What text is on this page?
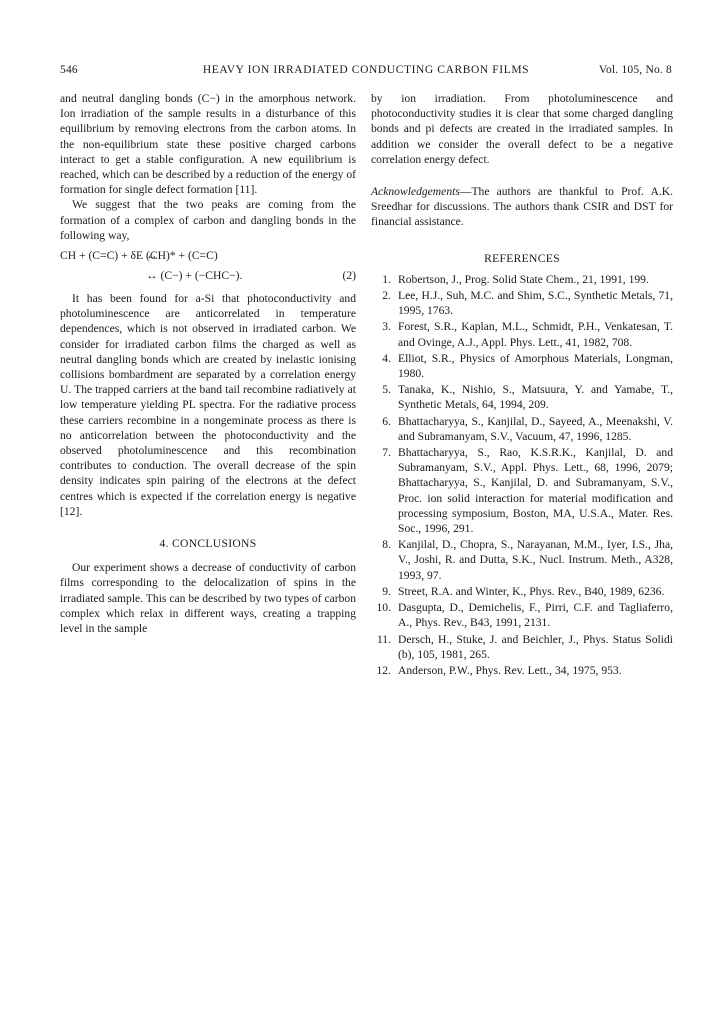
546	HEAVY ION IRRADIATED CONDUCTING CARBON FILMS	Vol. 105, No. 8

and neutral dangling bonds (C−) in the amorphous network. Ion irradiation of the sample results in a disturbance of this equilibrium by removing electrons from the carbon atoms. In the non-equilibrium state these positive charged carbons interact to get a stable configuration. A new equilibrium is reached, which can be described by a reduction of the energy of formation for single defect formation [11].

We suggest that the two peaks are coming from the formation of a complex of carbon and dangling bonds in the following way,

CH + (C=C) + δE ↔
(CH)* + (C=C)
↔ (C−) + (−CHC−).	(2)

It has been found for a-Si that photoconductivity and photoluminescence are anticorrelated in temperature dependences, which is not observed in irradiated carbon. We consider for irradiated carbon films the charged as well as neutral dangling bonds which are created by inelastic ionising collisions bombardment are separated by a correlation energy U. The trapped carriers at the band tail recombine radiatively at low temperature yielding PL spectra. For the radiative process these carriers recombine in a nongeminate process as there is no anticorrelation between the photoconductivity and the observed photoluminescence and this recombination contributes to conduction. The overall decrease of the spin density indicates spin pairing of the electrons at the defect centres which is expected if the correlation energy is negative [12].

4. CONCLUSIONS

Our experiment shows a decrease of conductivity of carbon films corresponding to the delocalization of spins in the irradiated sample. This can be described by two types of carbon complex which relax in different ways, creating a trapping level in the sample

by ion irradiation. From photoluminescence and photoconductivity studies it is clear that some charged dangling bonds and pi defects are created in the irradiated samples. In addition we consider the overall defect to be a negative correlation energy defect.

Acknowledgements—The authors are thankful to Prof. A.K. Sreedhar for discussions. The authors thank CSIR and DST for financial assistance.

REFERENCES
1. Robertson, J., Prog. Solid State Chem., 21, 1991, 199.
2. Lee, H.J., Suh, M.C. and Shim, S.C., Synthetic Metals, 71, 1995, 1763.
3. Forest, S.R., Kaplan, M.L., Schmidt, P.H., Venkatesan, T. and Ovinge, A.J., Appl. Phys. Lett., 41, 1982, 708.
4. Elliot, S.R., Physics of Amorphous Materials, Longman, 1980.
5. Tanaka, K., Nishio, S., Matsuura, Y. and Yamabe, T., Synthetic Metals, 64, 1994, 209.
6. Bhattacharyya, S., Kanjilal, D., Sayeed, A., Meenakshi, V. and Subramanyam, S.V., Vacuum, 47, 1996, 1285.
7. Bhattacharyya, S., Rao, K.S.R.K., Kanjilal, D. and Subramanyam, S.V., Appl. Phys. Lett., 68, 1996, 2079; Bhattacharyya, S., Kanjilal, D. and Subramanyam, S.V., Proc. ion solid interaction for material modification and processing symposium, Boston, MA, U.S.A., Mater. Res. Soc., 1996, 291.
8. Kanjilal, D., Chopra, S., Narayanan, M.M., Iyer, I.S., Jha, V., Joshi, R. and Dutta, S.K., Nucl. Instrum. Meth., A328, 1993, 97.
9. Street, R.A. and Winter, K., Phys. Rev., B40, 1989, 6236.
10. Dasgupta, D., Demichelis, F., Pirri, C.F. and Tagliaferro, A., Phys. Rev., B43, 1991, 2131.
11. Dersch, H., Stuke, J. and Beichler, J., Phys. Status Solidi (b), 105, 1981, 265.
12. Anderson, P.W., Phys. Rev. Lett., 34, 1975, 953.
